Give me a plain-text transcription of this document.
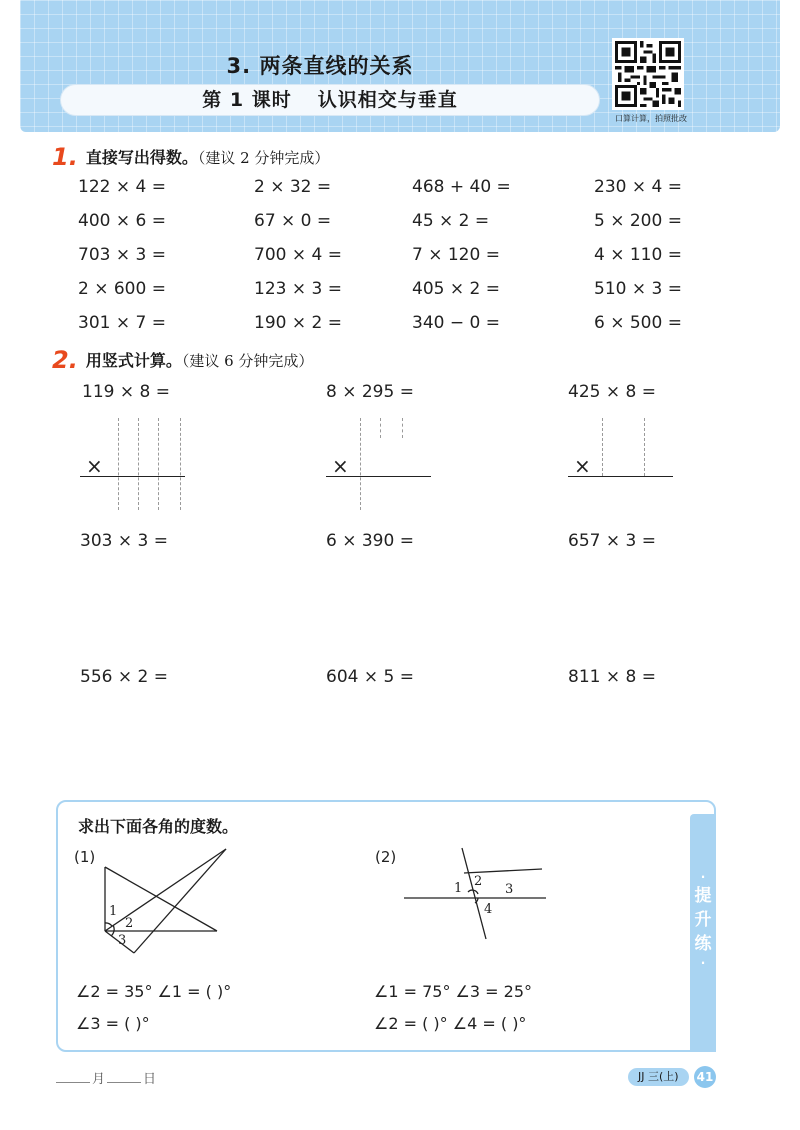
3. 两条直线的关系
第 1 课时 认识相交与垂直
口算计算，拍照批改
1. 直接写出得数。（建议 2 分钟完成）
122 × 4 =	2 × 32 =	468 + 40 =	230 × 4 =
400 × 6 =	67 × 0 =	45 × 2 =	5 × 200 =
703 × 3 =	700 × 4 =	7 × 120 =	4 × 110 =
2 × 600 =	123 × 3 =	405 × 2 =	510 × 3 =
301 × 7 =	190 × 2 =	340 − 0 =	6 × 500 =
2. 用竖式计算。（建议 6 分钟完成）
119 × 8 =	8 × 295 =	425 × 8 =
303 × 3 =	6 × 390 =	657 × 3 =
556 × 2 =	604 × 5 =	811 × 8 =
×	×	×
求出下面各角的度数。
·
提
升
练
·
(1)	(2)
1
2
3
1 2
3
4
∠2 = 35° ∠1 = ( )°
∠3 = ( )°
∠1 = 75° ∠3 = 25°
∠2 = ( )° ∠4 = ( )°
月	日	JJ 三(上)	41
